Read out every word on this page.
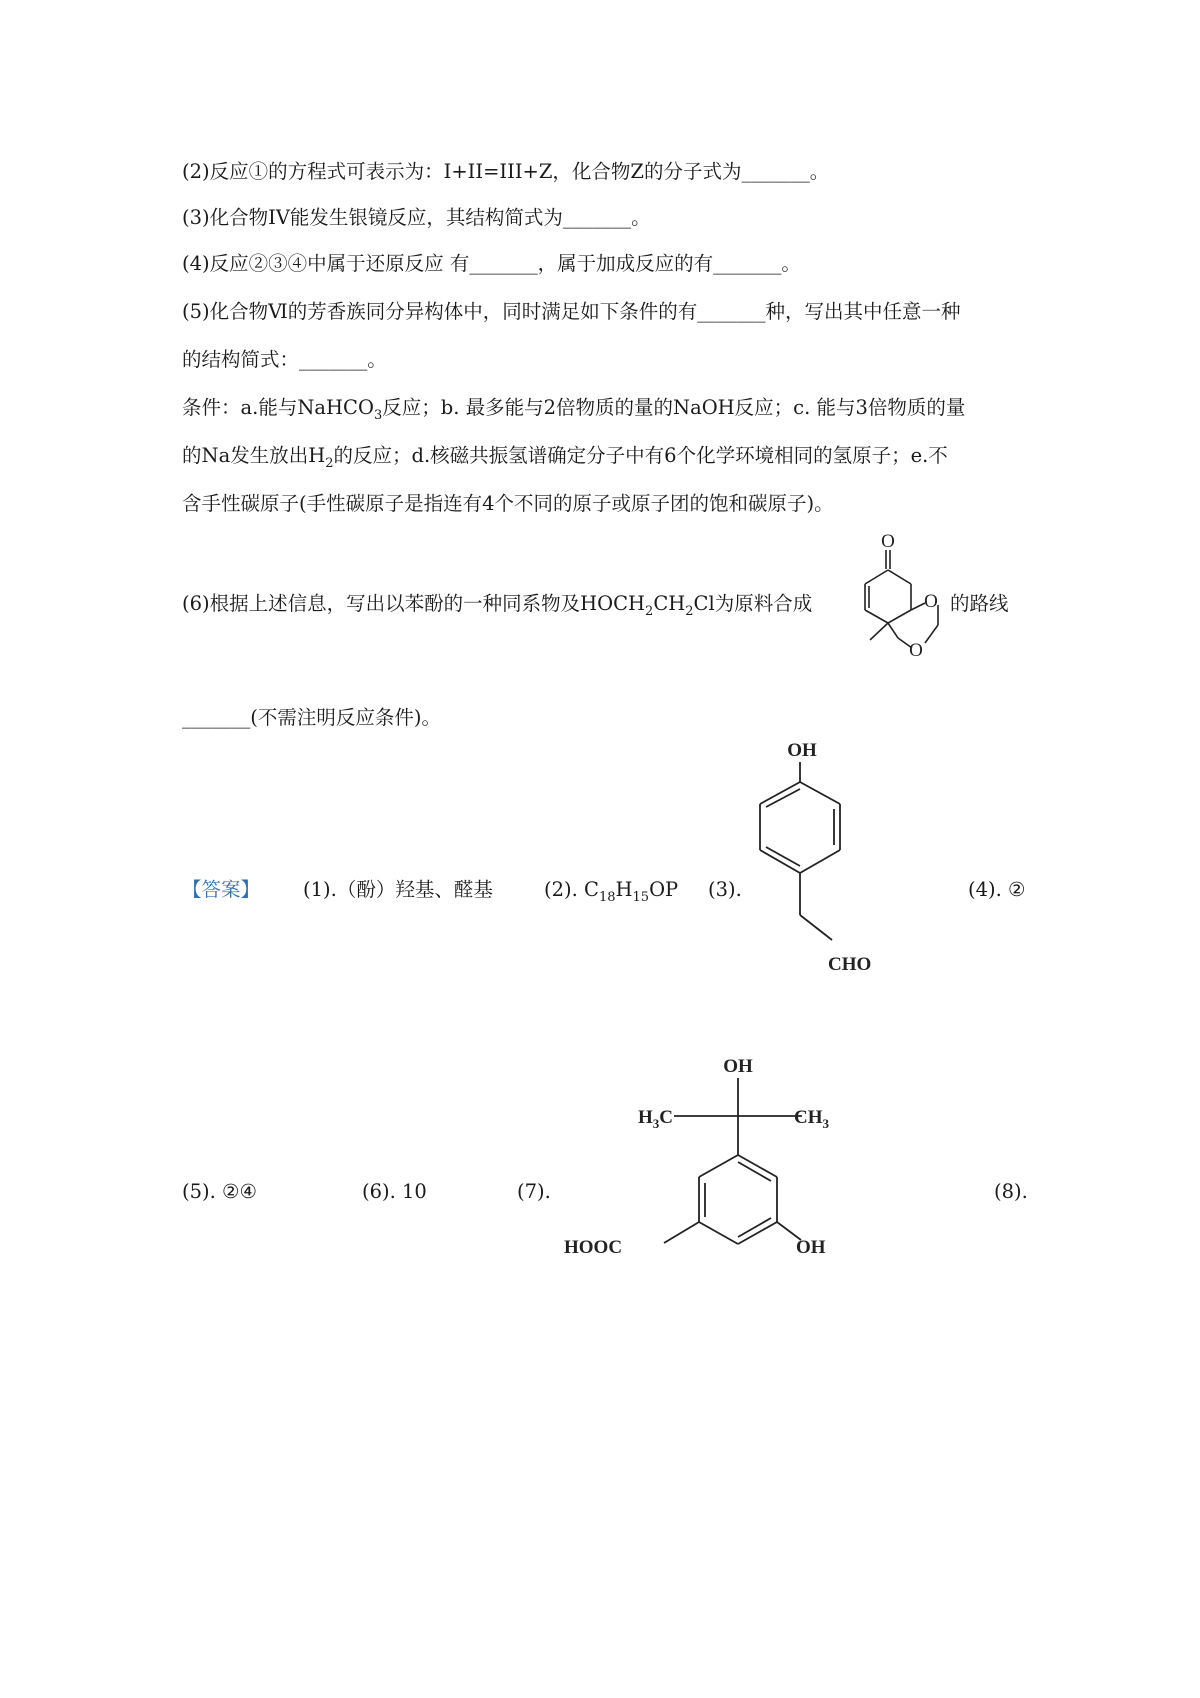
(2)反应①的方程式可表示为：I+II=III+Z，化合物Z的分子式为_______。
(3)化合物IV能发生银镜反应，其结构简式为_______。
(4)反应②③④中属于还原反应 有_______，属于加成反应的有_______。
(5)化合物Ⅵ的芳香族同分异构体中，同时满足如下条件的有_______种，写出其中任意一种
的结构简式：_______。
条件：a.能与NaHCO$_3$反应；b. 最多能与2倍物质的量的NaOH反应；c. 能与3倍物质的量
的Na发生放出$H_2$的反应；d.核磁共振氢谱确定分子中有6个化学环境相同的氢原子；e.不
含手性碳原子(手性碳原子是指连有4个不同的原子或原子团的饱和碳原子)。
(6)根据上述信息，写出以苯酚的一种同系物及$HOCH_2CH_2Cl$为原料合成	的路线
O
O
O
_______(不需注明反应条件)。
【答案】 (1).（酚）羟基、醛基	(2). $C_{18}H_{15}OP$ (3).	(4). ②
OH
CHO
(5). ②④	(6). 10	(7).	(8).
OH
$H_3C$	$CH_3$
HOOC	OH
